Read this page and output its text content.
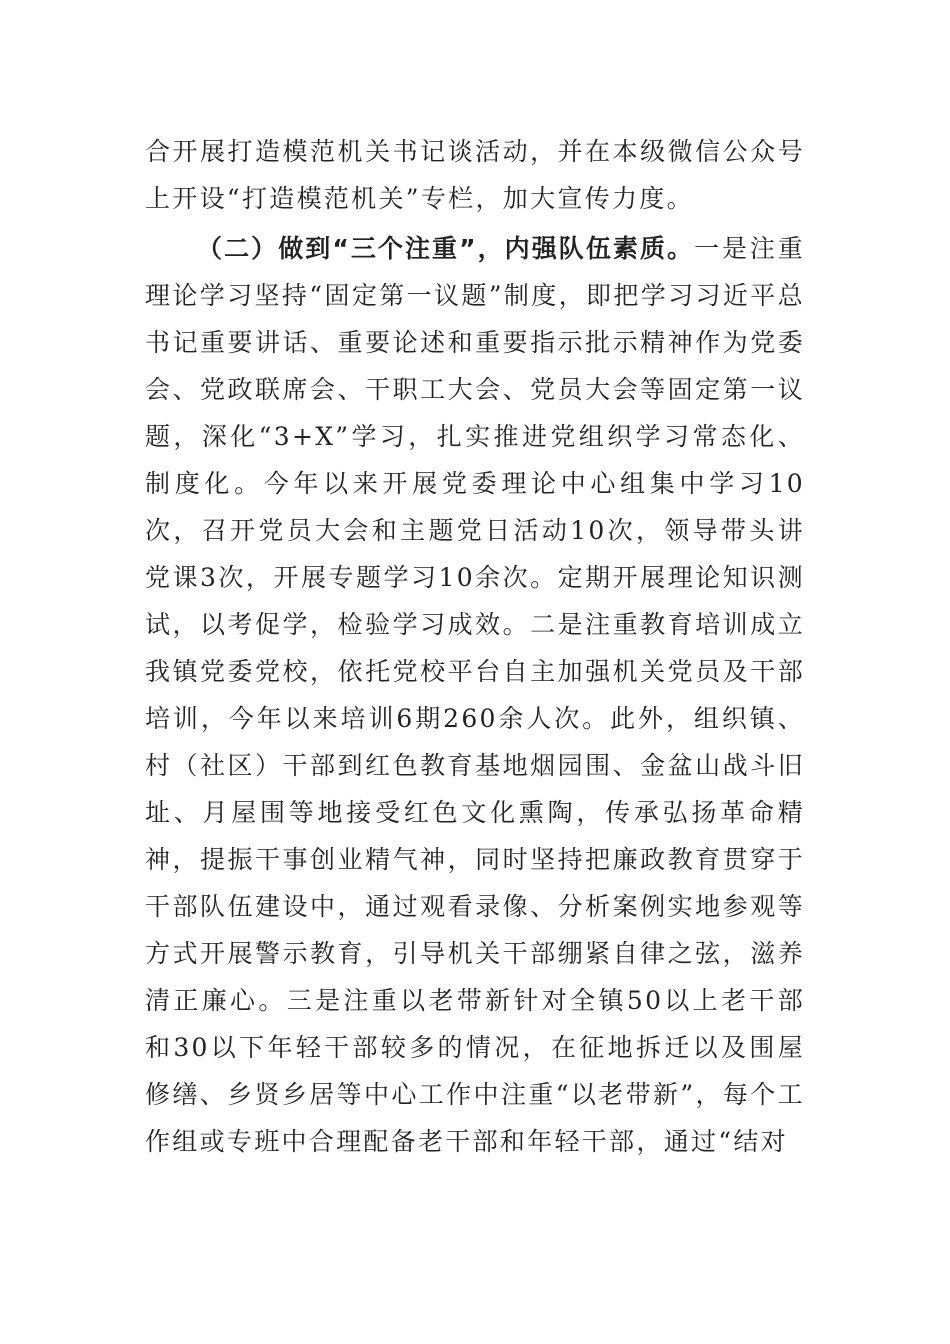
合开展打造模范机关书记谈活动，并在本级微信公众号上开设“打造模范机关”专栏，加大宣传力度。

（二）做到“三个注重”，内强队伍素质。一是注重理论学习坚持“固定第一议题”制度，即把学习习近平总书记重要讲话、重要论述和重要指示批示精神作为党委会、党政联席会、干职工大会、党员大会等固定第一议题，深化“3+X”学习，扎实推进党组织学习常态化、制度化。今年以来开展党委理论中心组集中学习10次，召开党员大会和主题党日活动10次，领导带头讲党课3次，开展专题学习10余次。定期开展理论知识测试，以考促学，检验学习成效。二是注重教育培训成立我镇党委党校，依托党校平台自主加强机关党员及干部培训，今年以来培训6期260余人次。此外，组织镇、村（社区）干部到红色教育基地烟园围、金盆山战斗旧址、月屋围等地接受红色文化熏陶，传承弘扬革命精神，提振干事创业精气神，同时坚持把廉政教育贯穿于干部队伍建设中，通过观看录像、分析案例实地参观等方式开展警示教育，引导机关干部绷紧自律之弦，滋养清正廉心。三是注重以老带新针对全镇50以上老干部和30以下年轻干部较多的情况，在征地拆迁以及围屋修缮、乡贤乡居等中心工作中注重“以老带新”，每个工作组或专班中合理配备老干部和年轻干部，通过“结对
